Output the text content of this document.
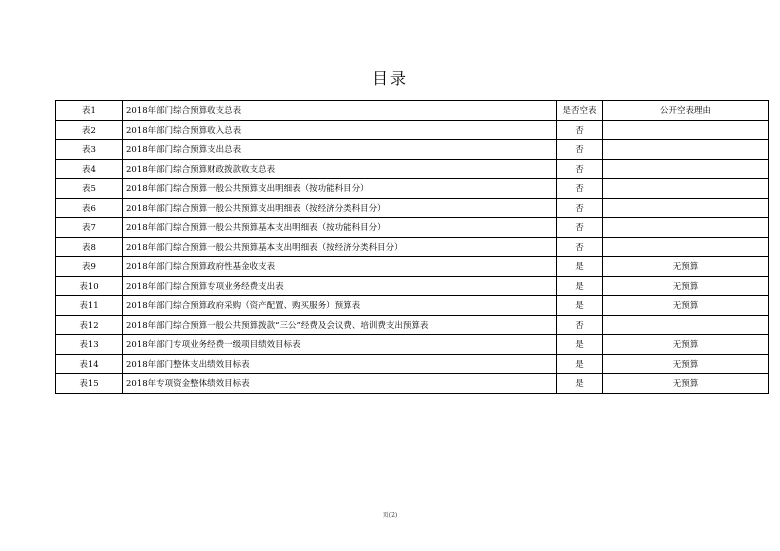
目录
表1	2018年部门综合预算收支总表	是否空表	公开空表理由
表2	2018年部门综合预算收入总表	否	
表3	2018年部门综合预算支出总表	否	
表4	2018年部门综合预算财政拨款收支总表	否	
表5	2018年部门综合预算一般公共预算支出明细表（按功能科目分）	否	
表6	2018年部门综合预算一般公共预算支出明细表（按经济分类科目分）	否	
表7	2018年部门综合预算一般公共预算基本支出明细表（按功能科目分）	否	
表8	2018年部门综合预算一般公共预算基本支出明细表（按经济分类科目分）	否	
表9	2018年部门综合预算政府性基金收支表	是	无预算
表10	2018年部门综合预算专项业务经费支出表	是	无预算
表11	2018年部门综合预算政府采购（资产配置、购买服务）预算表	是	无预算
表12	2018年部门综合预算一般公共预算拨款“三公”经费及会议费、培训费支出预算表	否	
表13	2018年部门专项业务经费一级项目绩效目标表	是	无预算
表14	2018年部门整体支出绩效目标表	是	无预算
表15	2018年专项资金整体绩效目标表	是	无预算
页(2)
